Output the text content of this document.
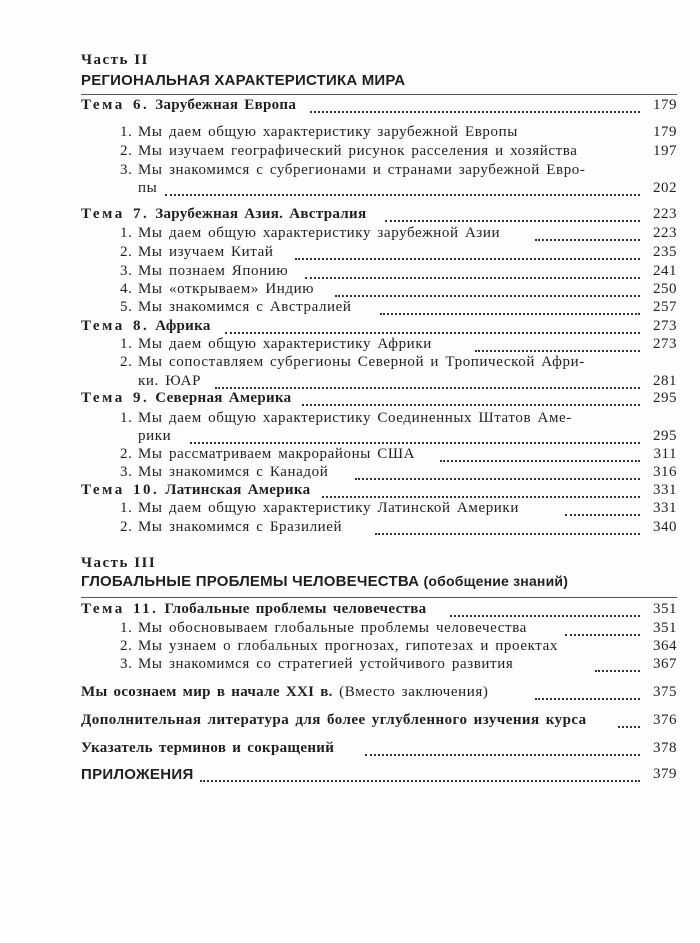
Часть II
РЕГИОНАЛЬНАЯ ХАРАКТЕРИСТИКА МИРА
Тема 6. Зарубежная Европа	179
1. Мы даем общую характеристику зарубежной Европы	179
2. Мы изучаем географический рисунок расселения и хозяйства	197
3. Мы знакомимся с субрегионами и странами зарубежной Евро-
пы	202
Тема 7. Зарубежная Азия. Австралия	223
1. Мы даем общую характеристику зарубежной Азии	223
2. Мы изучаем Китай	235
3. Мы познаем Японию	241
4. Мы «открываем» Индию	250
5. Мы знакомимся с Австралией	257
Тема 8. Африка	273
1. Мы даем общую характеристику Африки	273
2. Мы сопоставляем субрегионы Северной и Тропической Афри-
ки. ЮАР	281
Тема 9. Северная Америка	295
1. Мы даем общую характеристику Соединенных Штатов Аме-
рики	295
2. Мы рассматриваем макрорайоны США	311
3. Мы знакомимся с Канадой	316
Тема 10. Латинская Америка	331
1. Мы даем общую характеристику Латинской Америки	331
2. Мы знакомимся с Бразилией	340
Часть III
ГЛОБАЛЬНЫЕ ПРОБЛЕМЫ ЧЕЛОВЕЧЕСТВА (обобщение знаний)
Тема 11. Глобальные проблемы человечества	351
1. Мы обосновываем глобальные проблемы человечества	351
2. Мы узнаем о глобальных прогнозах, гипотезах и проектах	364
3. Мы знакомимся со стратегией устойчивого развития	367
Мы осознаем мир в начале XXI в. (Вместо заключения)	375
Дополнительная литература для более углубленного изучения курса	376
Указатель терминов и сокращений	378
ПРИЛОЖЕНИЯ	379
